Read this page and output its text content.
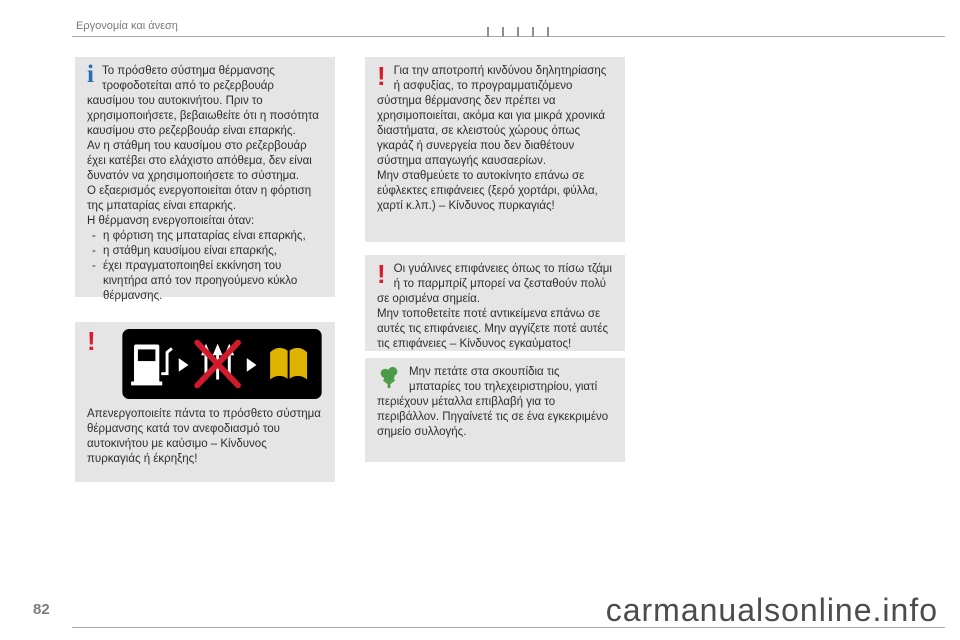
Εργονομία και άνεση
i Το πρόσθετο σύστημα θέρμανσης τροφοδοτείται από το ρεζερβουάρ καυσίμου του αυτοκινήτου. Πριν το χρησιμοποιήσετε, βεβαιωθείτε ότι η ποσότητα καυσίμου στο ρεζερβουάρ είναι επαρκής.

Αν η στάθμη του καυσίμου στο ρεζερβουάρ έχει κατέβει στο ελάχιστο απόθεμα, δεν είναι δυνατόν να χρησιμοποιήσετε το σύστημα.

Ο εξαερισμός ενεργοποιείται όταν η φόρτιση της μπαταρίας είναι επαρκής.

Η θέρμανση ενεργοποιείται όταν:

- η φόρτιση της μπαταρίας είναι επαρκής,
- η στάθμη καυσίμου είναι επαρκής,
- έχει πραγματοποιηθεί εκκίνηση του κινητήρα από τον προηγούμενο κύκλο θέρμανσης.
!

Απενεργοποιείτε πάντα το πρόσθετο σύστημα θέρμανσης κατά τον ανεφοδιασμό του αυτοκινήτου με καύσιμο – Κίνδυνος πυρκαγιάς ή έκρηξης!

! Για την αποτροπή κινδύνου δηλητηρίασης ή ασφυξίας, το προγραμματιζόμενο σύστημα θέρμανσης δεν πρέπει να χρησιμοποιείται, ακόμα και για μικρά χρονικά διαστήματα, σε κλειστούς χώρους όπως γκαράζ ή συνεργεία που δεν διαθέτουν σύστημα απαγωγής καυσαερίων.

Μην σταθμεύετε το αυτοκίνητο επάνω σε εύφλεκτες επιφάνειες (ξερό χορτάρι, φύλλα, χαρτί κ.λπ.) – Κίνδυνος πυρκαγιάς!

! Οι γυάλινες επιφάνειες όπως το πίσω τζάμι ή το παρμπρίζ μπορεί να ζεσταθούν πολύ σε ορισμένα σημεία.

Μην τοποθετείτε ποτέ αντικείμενα επάνω σε αυτές τις επιφάνειες. Μην αγγίζετε ποτέ αυτές τις επιφάνειες – Κίνδυνος εγκαύματος!

Μην πετάτε στα σκουπίδια τις μπαταρίες του τηλεχειριστηρίου, γιατί περιέχουν μέταλλα επιβλαβή για το περιβάλλον. Πηγαίνετέ τις σε ένα εγκεκριμένο σημείο συλλογής.

82	carmanualsonline.info
